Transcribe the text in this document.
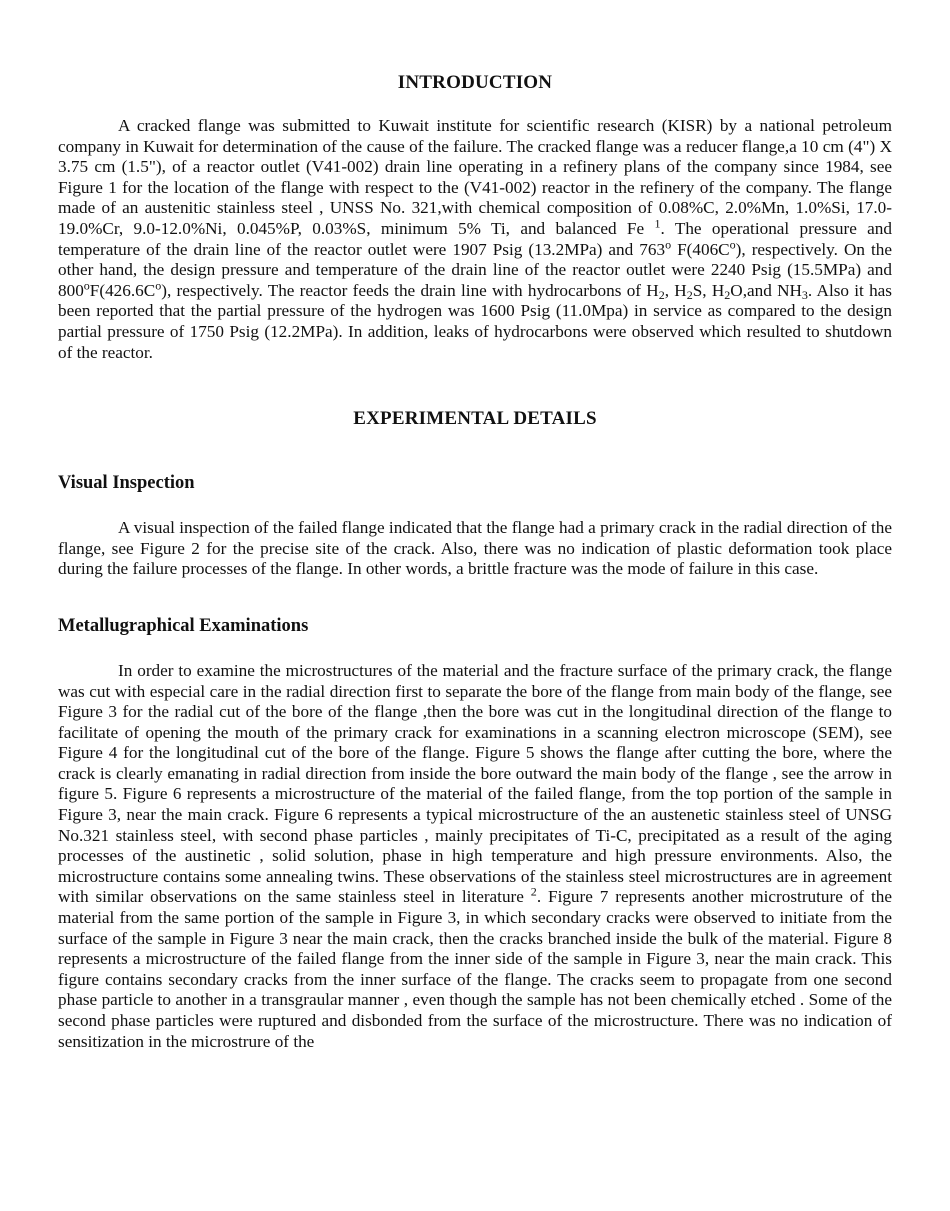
INTRODUCTION

A cracked flange was submitted to Kuwait institute for scientific research (KISR) by a national petroleum company in Kuwait for determination of the cause of the failure. The cracked flange was a reducer flange,a 10 cm (4") X 3.75 cm (1.5"), of a reactor outlet (V41-002) drain line operating in a refinery plans of the company since 1984, see Figure 1 for the location of the flange with respect to the (V41-002) reactor in the refinery of the company. The flange made of an austenitic stainless steel , UNSS No. 321,with chemical composition of 0.08%C, 2.0%Mn, 1.0%Si, 17.0-19.0%Cr, 9.0-12.0%Ni, 0.045%P, 0.03%S, minimum 5% Ti, and balanced Fe $^1$. The operational pressure and temperature of the drain line of the reactor outlet were 1907 Psig (13.2MPa) and 763$^o$ $F(406C^o)$, respectively. On the other hand, the design pressure and temperature of the drain line of the reactor outlet were 2240 Psig (15.5MPa) and $800^oF(426.6C^o)$, respectively. The reactor feeds the drain line with hydrocarbons of $H_2$, $H_2S$, $H_2O,and$ $NH_3$. Also it has been reported that the partial pressure of the hydrogen was 1600 Psig (11.0Mpa) in service as compared to the design partial pressure of 1750 Psig (12.2MPa). In addition, leaks of hydrocarbons were observed which resulted to shutdown of the reactor.

EXPERIMENTAL DETAILS
Visual Inspection

A visual inspection of the failed flange indicated that the flange had a primary crack in the radial direction of the flange, see Figure 2 for the precise site of the crack. Also, there was no indication of plastic deformation took place during the failure processes of the flange. In other words, a brittle fracture was the mode of failure in this case.

Metallugraphical Examinations

In order to examine the microstructures of the material and the fracture surface of the primary crack, the flange was cut with especial care in the radial direction first to separate the bore of the flange from main body of the flange, see Figure 3 for the radial cut of the bore of the flange ,then the bore was cut in the longitudinal direction of the flange to facilitate of opening the mouth of the primary crack for examinations in a scanning electron microscope (SEM), see Figure 4 for the longitudinal cut of the bore of the flange. Figure 5 shows the flange after cutting the bore, where the crack is clearly emanating in radial direction from inside the bore outward the main body of the flange , see the arrow in figure 5. Figure 6 represents a microstructure of the material of the failed flange, from the top portion of the sample in Figure 3, near the main crack. Figure 6 represents a typical microstructure of the an austenetic stainless steel of UNSG No.321 stainless steel, with second phase particles , mainly precipitates of Ti-C, precipitated as a result of the aging processes of the austinetic , solid solution, phase in high temperature and high pressure environments. Also, the microstructure contains some annealing twins. These observations of the stainless steel microstructures are in agreement with similar observations on the same stainless steel in literature $^2$. Figure 7 represents another microstruture of the material from the same portion of the sample in Figure 3, in which secondary cracks were observed to initiate from the surface of the sample in Figure 3 near the main crack, then the cracks branched inside the bulk of the material. Figure 8 represents a microstructure of the failed flange from the inner side of the sample in Figure 3, near the main crack. This figure contains secondary cracks from the inner surface of the flange. The cracks seem to propagate from one second phase particle to another in a transgraular manner , even though the sample has not been chemically etched . Some of the second phase particles were ruptured and disbonded from the surface of the microstructure. There was no indication of sensitization in the microstrure of the
